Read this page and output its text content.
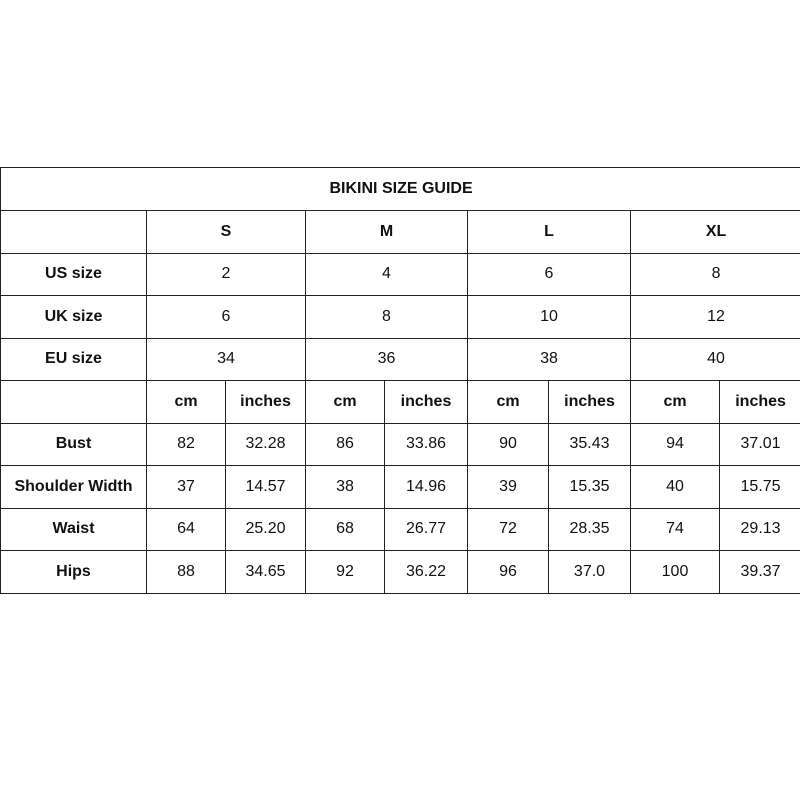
BIKINI SIZE GUIDE								
	S		M		L		XL	
US size	2		4		6		8	
UK size	6		8		10		12	
EU size	34		36		38		40	
	cm	inches	cm	inches	cm	inches	cm	inches
Bust	82	32.28	86	33.86	90	35.43	94	37.01
Shoulder Width	37	14.57	38	14.96	39	15.35	40	15.75
Waist	64	25.20	68	26.77	72	28.35	74	29.13
Hips	88	34.65	92	36.22	96	37.0	100	39.37
